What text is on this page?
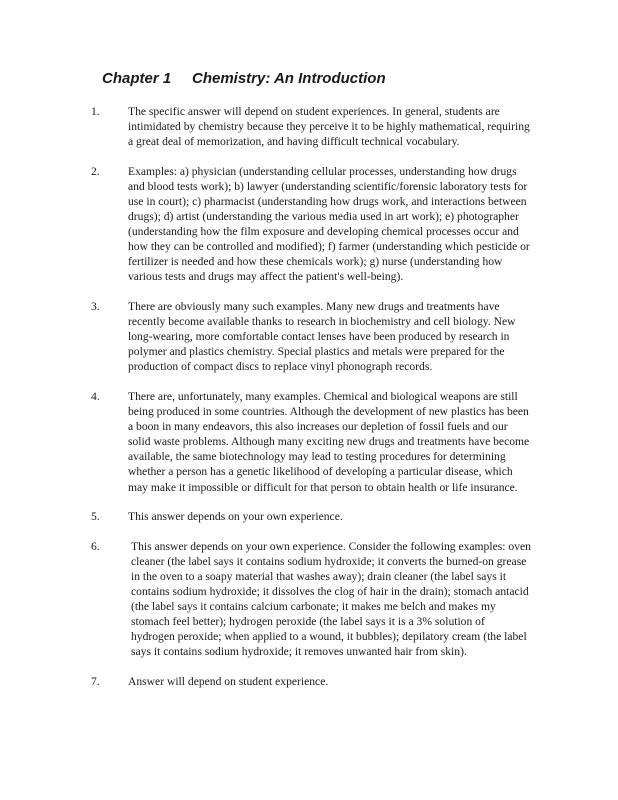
Chapter 1 Chemistry: An Introduction
1.	The specific answer will depend on student experiences. In general, students are intimidated by chemistry because they perceive it to be highly mathematical, requiring a great deal of memorization, and having difficult technical vocabulary.
2.	Examples: a) physician (understanding cellular processes, understanding how drugs and blood tests work); b) lawyer (understanding scientific/forensic laboratory tests for use in court); c) pharmacist (understanding how drugs work, and interactions between drugs); d) artist (understanding the various media used in art work); e) photographer (understanding how the film exposure and developing chemical processes occur and how they can be controlled and modified); f) farmer (understanding which pesticide or fertilizer is needed and how these chemicals work); g) nurse (understanding how various tests and drugs may affect the patient's well-being).
3.	There are obviously many such examples. Many new drugs and treatments have recently become available thanks to research in biochemistry and cell biology. New long-wearing, more comfortable contact lenses have been produced by research in polymer and plastics chemistry. Special plastics and metals were prepared for the production of compact discs to replace vinyl phonograph records.
4.	There are, unfortunately, many examples. Chemical and biological weapons are still being produced in some countries. Although the development of new plastics has been a boon in many endeavors, this also increases our depletion of fossil fuels and our solid waste problems. Although many exciting new drugs and treatments have become available, the same biotechnology may lead to testing procedures for determining whether a person has a genetic likelihood of developing a particular disease, which may make it impossible or difficult for that person to obtain health or life insurance.
5.	This answer depends on your own experience.
6.	This answer depends on your own experience. Consider the following examples: oven cleaner (the label says it contains sodium hydroxide; it converts the burned-on grease in the oven to a soapy material that washes away); drain cleaner (the label says it contains sodium hydroxide; it dissolves the clog of hair in the drain); stomach antacid (the label says it contains calcium carbonate; it makes me belch and makes my stomach feel better); hydrogen peroxide (the label says it is a 3% solution of hydrogen peroxide; when applied to a wound, it bubbles); depilatory cream (the label says it contains sodium hydroxide; it removes unwanted hair from skin).
7.	Answer will depend on student experience.
